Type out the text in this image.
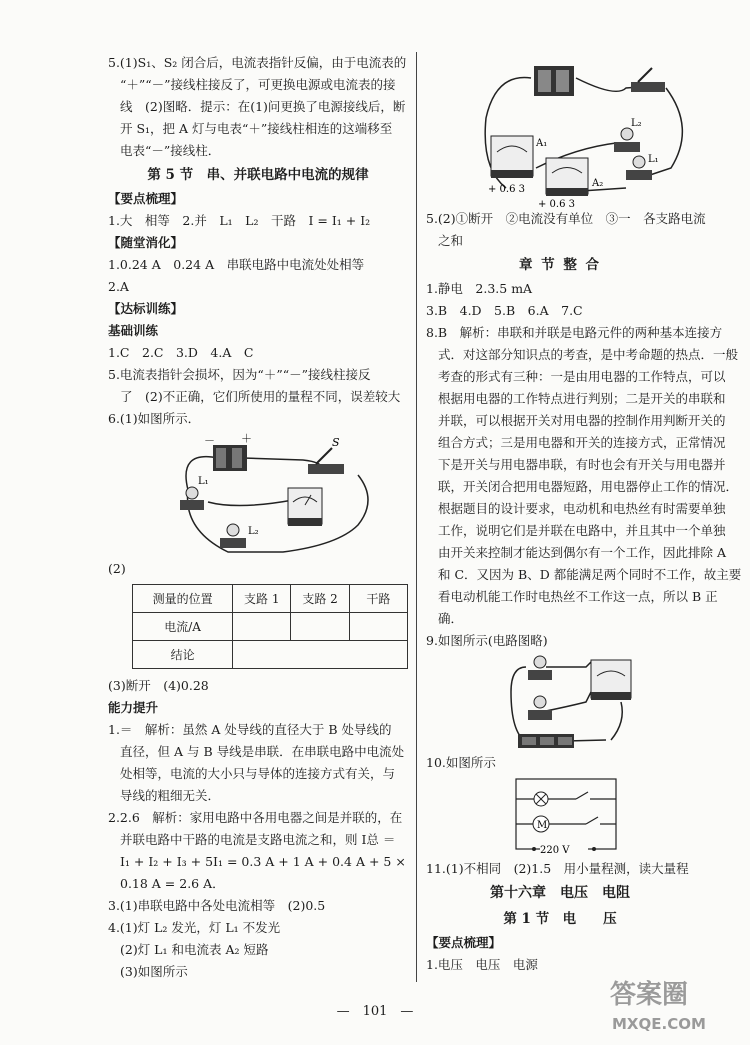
5.(1)S₁、S₂ 闭合后，电流表指针反偏，由于电流表的

“＋”“－”接线柱接反了，可更换电源或电流表的接

线　(2)图略．提示：在(1)问更换了电源接线后，断

开 S₁，把 A 灯与电表“＋”接线柱相连的这端移至

电表“－”接线柱．

第 5 节　串、并联电路中电流的规律

【要点梳理】

1.大　相等　2.并　L₁　L₂　干路　I = I₁ + I₂

【随堂消化】

1.0.24 A　0.24 A　串联电路中电流处处相等

2.A

【达标训练】

基础训练

1.C　2.C　3.D　4.A　C

5.电流表指针会损坏，因为“＋”“－”接线柱接反

了　(2)不正确，它们所使用的量程不同，误差较大

6.(1)如图所示．

－ ＋	S
L₁
L₂

(2)

测量的位置	支路 1	支路 2	干路
电流/A			
结论			

(3)断开　(4)0.28

能力提升

1.＝　解析：虽然 A 处导线的直径大于 B 处导线的

直径，但 A 与 B 导线是串联．在串联电路中电流处

处相等，电流的大小只与导体的连接方式有关，与

导线的粗细无关．

2.2.6　解析：家用电路中各用电器之间是并联的，在

并联电路中干路的电流是支路电流之和，则 I总 ＝

I₁ + I₂ + I₃ + 5I₁ = 0.3 A + 1 A + 0.4 A + 5 ×

0.18 A = 2.6 A．

3.(1)串联电路中各处电流相等　(2)0.5

4.(1)灯 L₂ 发光，灯 L₁ 不发光

(2)灯 L₁ 和电流表 A₂ 短路

(3)如图所示

A₁
+ 0.6 3
A₂
+ 0.6 3
L₂
L₁

5.(2)①断开　②电流没有单位　③一　各支路电流

之和

章 节 整 合

1.静电　2.3.5 mA

3.B　4.D　5.B　6.A　7.C

8.B　解析：串联和并联是电路元件的两种基本连接方

式．对这部分知识点的考查，是中考命题的热点．一般

考查的形式有三种：一是由用电器的工作特点，可以

根据用电器的工作特点进行判别；二是开关的串联和

并联，可以根据开关对用电器的控制作用判断开关的

组合方式；三是用电器和开关的连接方式，正常情况

下是开关与用电器串联，有时也会有开关与用电器并

联，开关闭合把用电器短路，用电器停止工作的情况．

根据题目的设计要求，电动机和电热丝有时需要单独

工作，说明它们是并联在电路中，并且其中一个单独

由开关来控制才能达到偶尔有一个工作，因此排除 A

和 C．又因为 B、D 都能满足两个同时不工作，故主要

看电动机能工作时电热丝不工作这一点，所以 B 正

确．

9.如图所示(电路图略)

10.如图所示

M
220 V

11.(1)不相同　(2)1.5　用小量程测，读大量程

第十六章　电压　电阻
第 1 节　电　　压

【要点梳理】

1.电压　电压　电源

—　101　—
答案圈
MXQE.COM
